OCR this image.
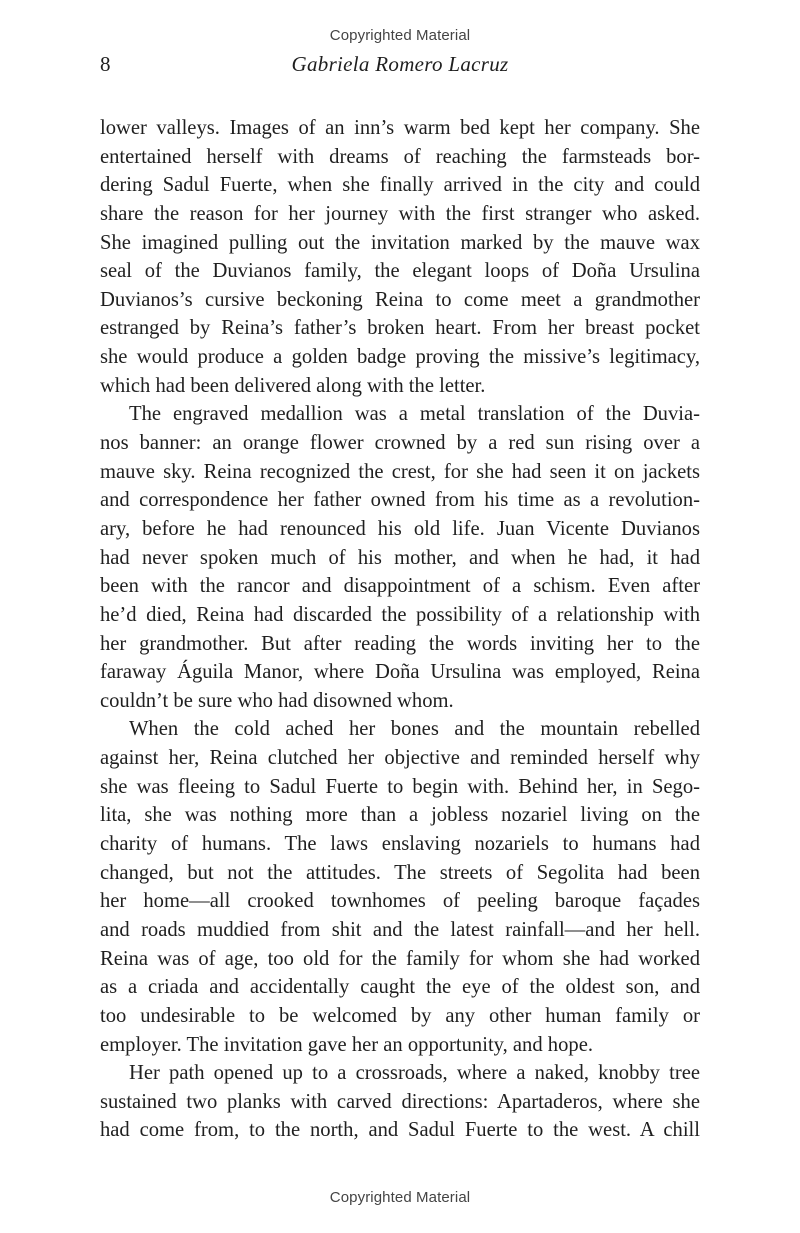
Copyrighted Material
8	Gabriela Romero Lacruz
lower valleys. Images of an inn’s warm bed kept her company. She
entertained herself with dreams of reaching the farmsteads bor-
dering Sadul Fuerte, when she finally arrived in the city and could
share the reason for her journey with the first stranger who asked.
She imagined pulling out the invitation marked by the mauve wax
seal of the Duvianos family, the elegant loops of Doña Ursulina
Duvianos’s cursive beckoning Reina to come meet a grandmother
estranged by Reina’s father’s broken heart. From her breast pocket
she would produce a golden badge proving the missive’s legitimacy,
which had been delivered along with the letter.
The engraved medallion was a metal translation of the Duvia-
nos banner: an orange flower crowned by a red sun rising over a
mauve sky. Reina recognized the crest, for she had seen it on jackets
and correspondence her father owned from his time as a revolution-
ary, before he had renounced his old life. Juan Vicente Duvianos
had never spoken much of his mother, and when he had, it had
been with the rancor and disappointment of a schism. Even after
he’d died, Reina had discarded the possibility of a relationship with
her grandmother. But after reading the words inviting her to the
faraway Águila Manor, where Doña Ursulina was employed, Reina
couldn’t be sure who had disowned whom.
When the cold ached her bones and the mountain rebelled
against her, Reina clutched her objective and reminded herself why
she was fleeing to Sadul Fuerte to begin with. Behind her, in Sego-
lita, she was nothing more than a jobless nozariel living on the
charity of humans. The laws enslaving nozariels to humans had
changed, but not the attitudes. The streets of Segolita had been
her home—all crooked townhomes of peeling baroque façades
and roads muddied from shit and the latest rainfall—and her hell.
Reina was of age, too old for the family for whom she had worked
as a criada and accidentally caught the eye of the oldest son, and
too undesirable to be welcomed by any other human family or
employer. The invitation gave her an opportunity, and hope.
Her path opened up to a crossroads, where a naked, knobby tree
sustained two planks with carved directions: Apartaderos, where she
had come from, to the north, and Sadul Fuerte to the west. A chill
Copyrighted Material
